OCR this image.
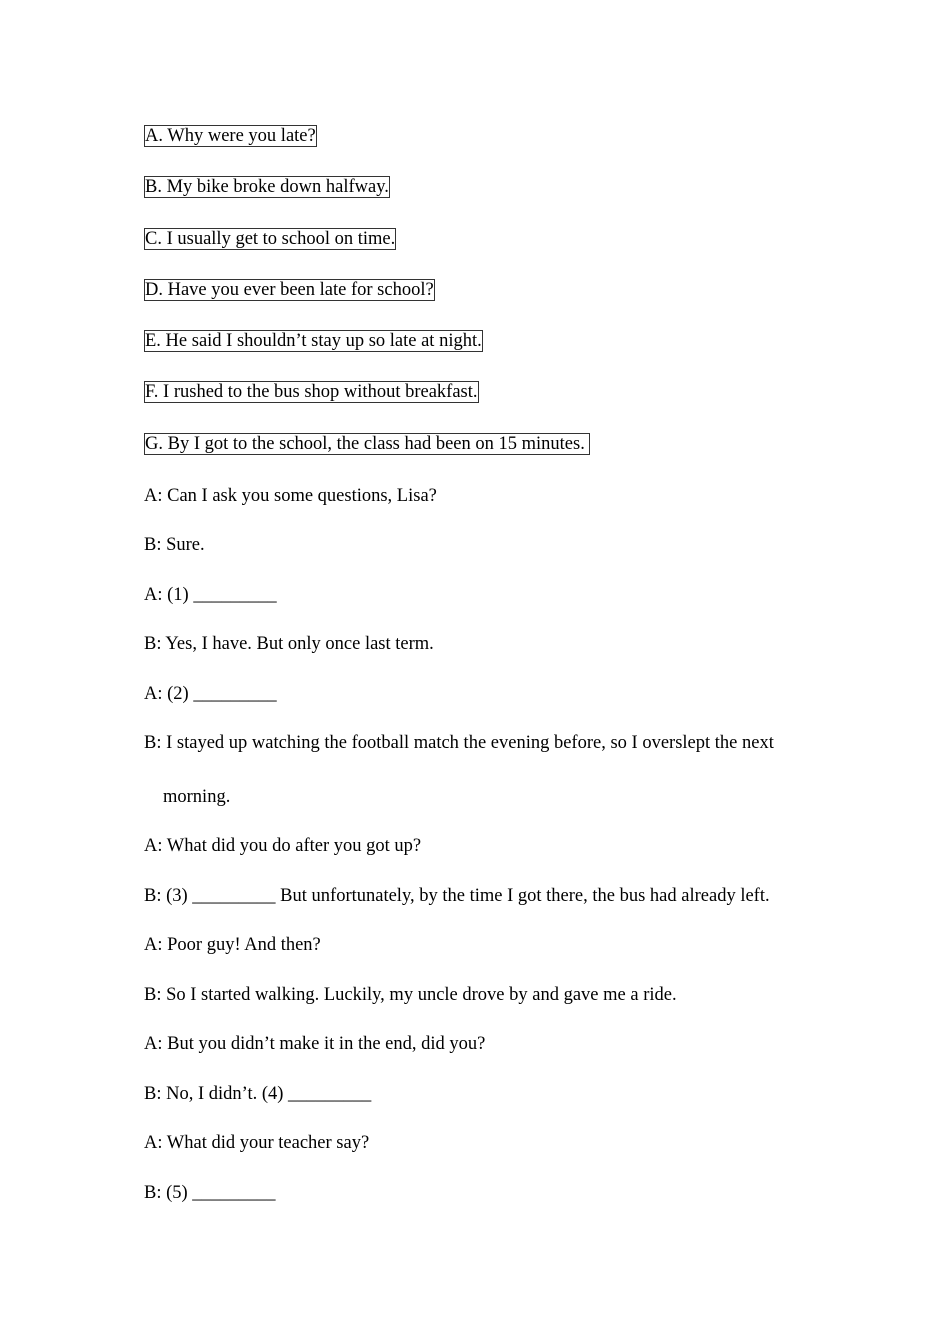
A. Why were you late?
B. My bike broke down halfway.
C. I usually get to school on time.
D. Have you ever been late for school?
E. He said I shouldn’t stay up so late at night.
F. I rushed to the bus shop without breakfast.
G. By I got to the school, the class had been on 15 minutes.
A: Can I ask you some questions, Lisa?
B: Sure.
A: (1) _________
B: Yes, I have. But only once last term.
A: (2) _________
B: I stayed up watching the football match the evening before, so I overslept the next
morning.
A: What did you do after you got up?
B: (3) _________ But unfortunately, by the time I got there, the bus had already left.
A: Poor guy! And then?
B: So I started walking. Luckily, my uncle drove by and gave me a ride.
A: But you didn’t make it in the end, did you?
B: No, I didn’t. (4) _________
A: What did your teacher say?
B: (5) _________
